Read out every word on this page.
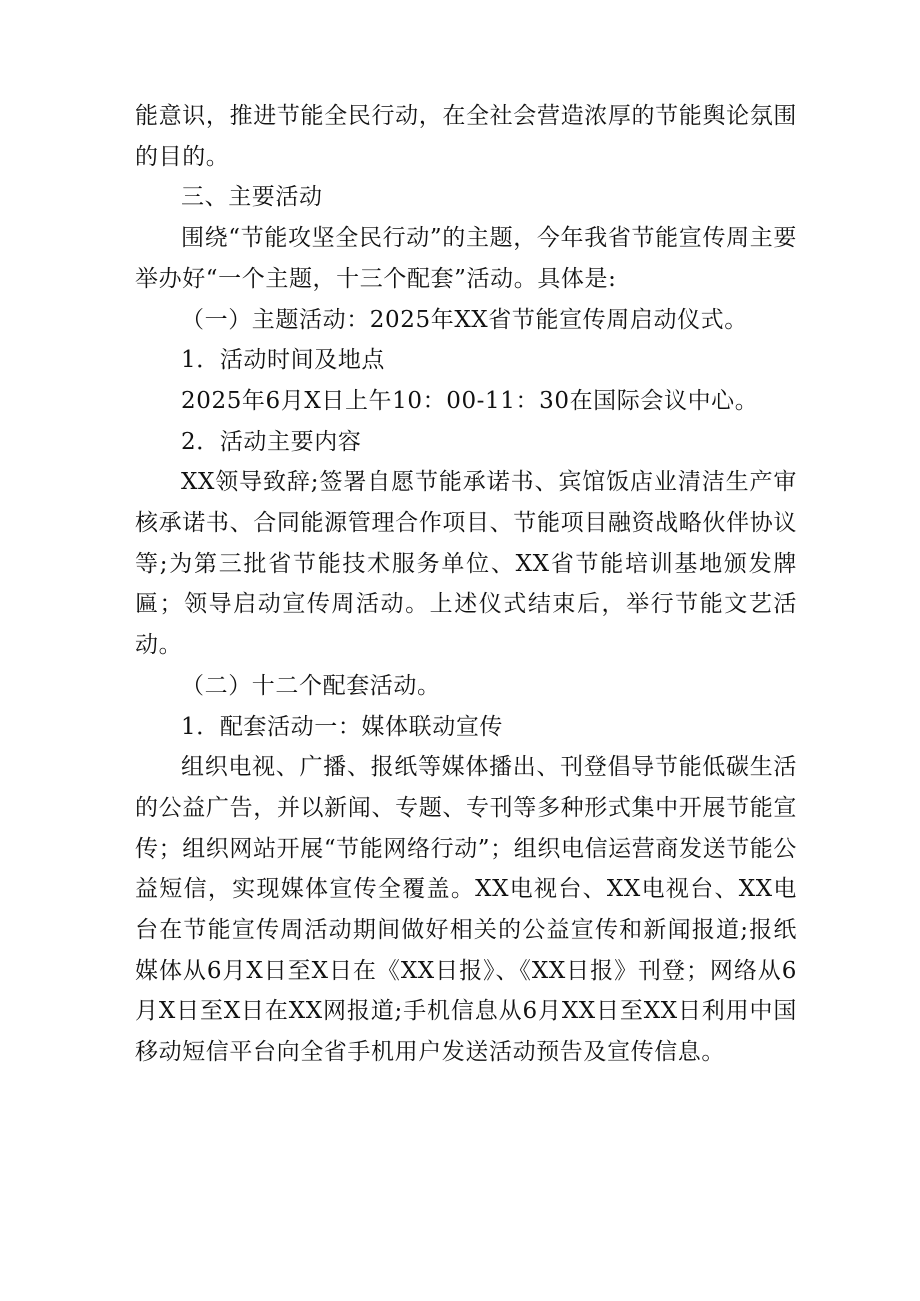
能意识，推进节能全民行动，在全社会营造浓厚的节能舆论氛围的目的。

三、主要活动

围绕“节能攻坚全民行动”的主题，今年我省节能宣传周主要举办好“一个主题，十三个配套”活动。具体是:

（一）主题活动：2025年XX省节能宣传周启动仪式。

1．活动时间及地点

2025年6月X日上午10：00-11：30在国际会议中心。

2．活动主要内容

XX领导致辞;签署自愿节能承诺书、宾馆饭店业清洁生产审核承诺书、合同能源管理合作项目、节能项目融资战略伙伴协议等;为第三批省节能技术服务单位、XX省节能培训基地颁发牌匾；领导启动宣传周活动。上述仪式结束后，举行节能文艺活动。

（二）十二个配套活动。

1．配套活动一：媒体联动宣传

组织电视、广播、报纸等媒体播出、刊登倡导节能低碳生活的公益广告，并以新闻、专题、专刊等多种形式集中开展节能宣传；组织网站开展“节能网络行动”；组织电信运营商发送节能公益短信，实现媒体宣传全覆盖。XX电视台、XX电视台、XX电台在节能宣传周活动期间做好相关的公益宣传和新闻报道;报纸媒体从6月X日至X日在《XX日报》、《XX日报》刊登；网络从6月X日至X日在XX网报道;手机信息从6月XX日至XX日利用中国移动短信平台向全省手机用户发送活动预告及宣传信息。
